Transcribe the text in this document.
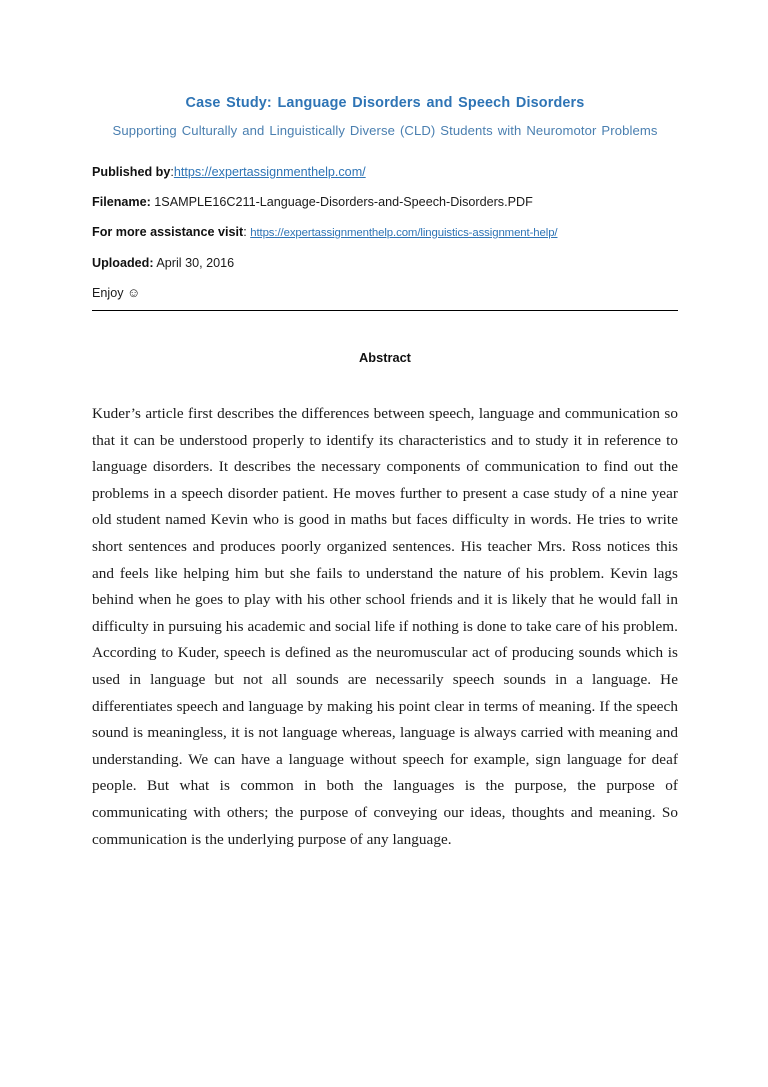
Case Study: Language Disorders and Speech Disorders
Supporting Culturally and Linguistically Diverse (CLD) Students with Neuromotor Problems

Published by:https://expertassignmenthelp.com/

Filename: 1SAMPLE16C211-Language-Disorders-and-Speech-Disorders.PDF

For more assistance visit: https://expertassignmenthelp.com/linguistics-assignment-help/

Uploaded: April 30, 2016

Enjoy ☺

Abstract

Kuder’s article first describes the differences between speech, language and communication so that it can be understood properly to identify its characteristics and to study it in reference to language disorders. It describes the necessary components of communication to find out the problems in a speech disorder patient. He moves further to present a case study of a nine year old student named Kevin who is good in maths but faces difficulty in words. He tries to write short sentences and produces poorly organized sentences. His teacher Mrs. Ross notices this and feels like helping him but she fails to understand the nature of his problem. Kevin lags behind when he goes to play with his other school friends and it is likely that he would fall in difficulty in pursuing his academic and social life if nothing is done to take care of his problem. According to Kuder, speech is defined as the neuromuscular act of producing sounds which is used in language but not all sounds are necessarily speech sounds in a language. He differentiates speech and language by making his point clear in terms of meaning. If the speech sound is meaningless, it is not language whereas, language is always carried with meaning and understanding. We can have a language without speech for example, sign language for deaf people. But what is common in both the languages is the purpose, the purpose of communicating with others; the purpose of conveying our ideas, thoughts and meaning. So communication is the underlying purpose of any language.
